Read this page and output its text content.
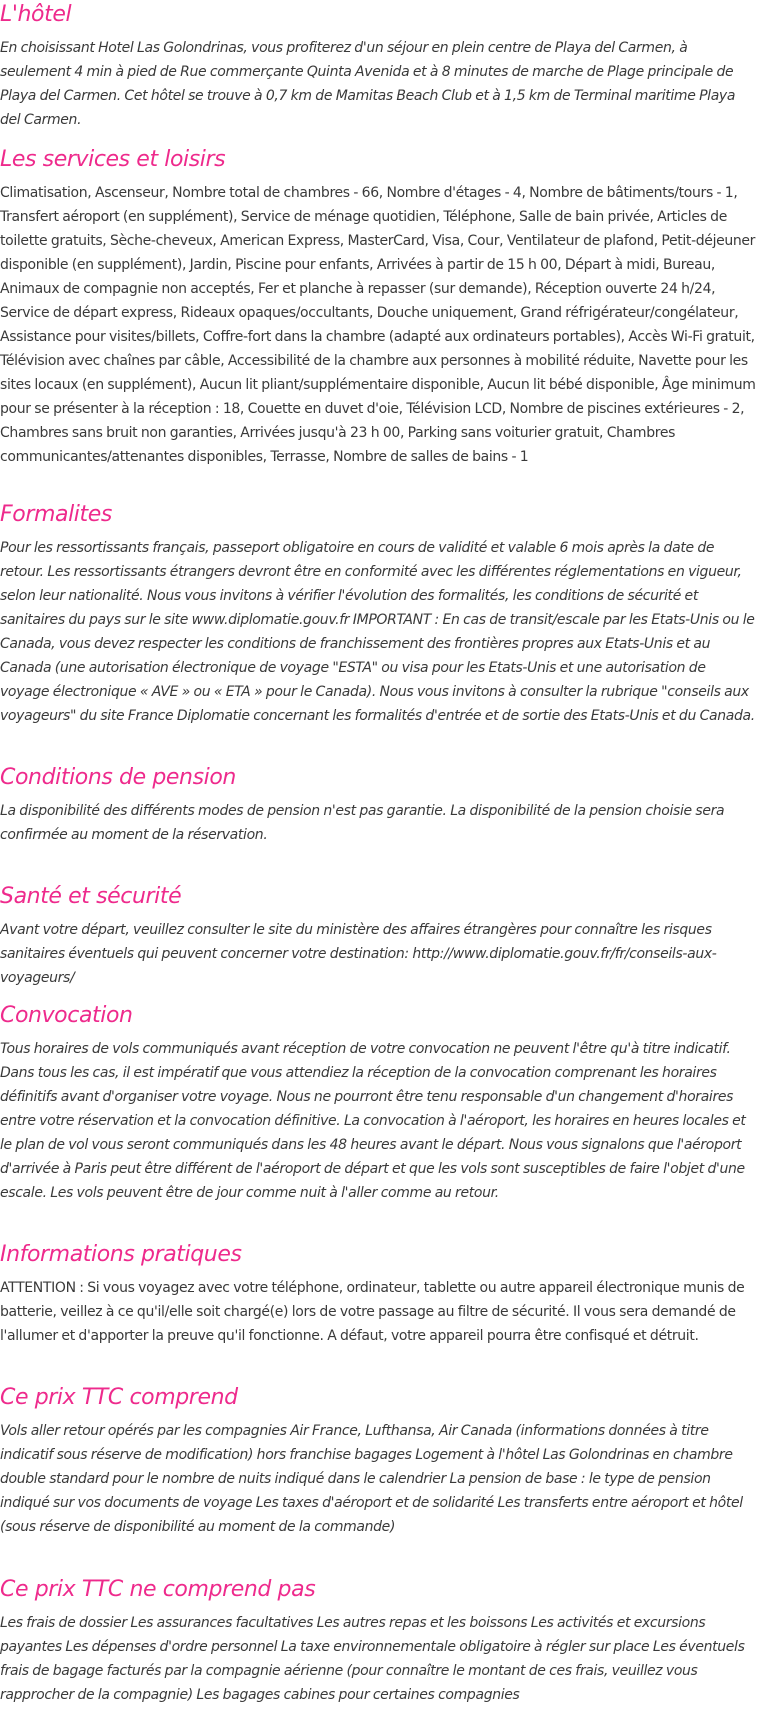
L'hôtel

En choisissant Hotel Las Golondrinas, vous profiterez d'un séjour en plein centre de Playa del Carmen, à seulement 4 min à pied de Rue commerçante Quinta Avenida et à 8 minutes de marche de Plage principale de Playa del Carmen. Cet hôtel se trouve à 0,7 km de Mamitas Beach Club et à 1,5 km de Terminal maritime Playa del Carmen.

Les services et loisirs

Climatisation, Ascenseur, Nombre total de chambres - 66, Nombre d'étages - 4, Nombre de bâtiments/tours - 1, Transfert aéroport (en supplément), Service de ménage quotidien, Téléphone, Salle de bain privée, Articles de toilette gratuits, Sèche-cheveux, American Express, MasterCard, Visa, Cour, Ventilateur de plafond, Petit-déjeuner disponible (en supplément), Jardin, Piscine pour enfants, Arrivées à partir de 15 h 00, Départ à midi, Bureau, Animaux de compagnie non acceptés, Fer et planche à repasser (sur demande), Réception ouverte 24 h/24, Service de départ express, Rideaux opaques/occultants, Douche uniquement, Grand réfrigérateur/congélateur, Assistance pour visites/billets, Coffre-fort dans la chambre (adapté aux ordinateurs portables), Accès Wi-Fi gratuit, Télévision avec chaînes par câble, Accessibilité de la chambre aux personnes à mobilité réduite, Navette pour les sites locaux (en supplément), Aucun lit pliant/supplémentaire disponible, Aucun lit bébé disponible, Âge minimum pour se présenter à la réception : 18, Couette en duvet d'oie, Télévision LCD, Nombre de piscines extérieures - 2, Chambres sans bruit non garanties, Arrivées jusqu'à 23 h 00, Parking sans voiturier gratuit, Chambres communicantes/attenantes disponibles, Terrasse, Nombre de salles de bains - 1

Formalites

Pour les ressortissants français, passeport obligatoire en cours de validité et valable 6 mois après la date de retour. Les ressortissants étrangers devront être en conformité avec les différentes réglementations en vigueur, selon leur nationalité. Nous vous invitons à vérifier l'évolution des formalités, les conditions de sécurité et sanitaires du pays sur le site www.diplomatie.gouv.fr IMPORTANT : En cas de transit/escale par les Etats-Unis ou le Canada, vous devez respecter les conditions de franchissement des frontières propres aux Etats-Unis et au Canada (une autorisation électronique de voyage "ESTA" ou visa pour les Etats-Unis et une autorisation de voyage électronique « AVE » ou « ETA » pour le Canada). Nous vous invitons à consulter la rubrique "conseils aux voyageurs" du site France Diplomatie concernant les formalités d'entrée et de sortie des Etats-Unis et du Canada.

Conditions de pension

La disponibilité des différents modes de pension n'est pas garantie. La disponibilité de la pension choisie sera confirmée au moment de la réservation.

Santé et sécurité

Avant votre départ, veuillez consulter le site du ministère des affaires étrangères pour connaître les risques sanitaires éventuels qui peuvent concerner votre destination: http://www.diplomatie.gouv.fr/fr/conseils-aux-voyageurs/

Convocation

Tous horaires de vols communiqués avant réception de votre convocation ne peuvent l'être qu'à titre indicatif. Dans tous les cas, il est impératif que vous attendiez la réception de la convocation comprenant les horaires définitifs avant d'organiser votre voyage. Nous ne pourront être tenu responsable d'un changement d'horaires entre votre réservation et la convocation définitive. La convocation à l'aéroport, les horaires en heures locales et le plan de vol vous seront communiqués dans les 48 heures avant le départ. Nous vous signalons que l'aéroport d'arrivée à Paris peut être différent de l'aéroport de départ et que les vols sont susceptibles de faire l'objet d'une escale. Les vols peuvent être de jour comme nuit à l'aller comme au retour.

Informations pratiques

ATTENTION : Si vous voyagez avec votre téléphone, ordinateur, tablette ou autre appareil électronique munis de batterie, veillez à ce qu'il/elle soit chargé(e) lors de votre passage au filtre de sécurité. Il vous sera demandé de l'allumer et d'apporter la preuve qu'il fonctionne. A défaut, votre appareil pourra être confisqué et détruit.

Ce prix TTC comprend

Vols aller retour opérés par les compagnies Air France, Lufthansa, Air Canada (informations données à titre indicatif sous réserve de modification) hors franchise bagages Logement à l'hôtel Las Golondrinas en chambre double standard pour le nombre de nuits indiqué dans le calendrier La pension de base : le type de pension indiqué sur vos documents de voyage Les taxes d'aéroport et de solidarité Les transferts entre aéroport et hôtel (sous réserve de disponibilité au moment de la commande)

Ce prix TTC ne comprend pas

Les frais de dossier Les assurances facultatives Les autres repas et les boissons Les activités et excursions payantes Les dépenses d'ordre personnel La taxe environnementale obligatoire à régler sur place Les éventuels frais de bagage facturés par la compagnie aérienne (pour connaître le montant de ces frais, veuillez vous rapprocher de la compagnie) Les bagages cabines pour certaines compagnies
